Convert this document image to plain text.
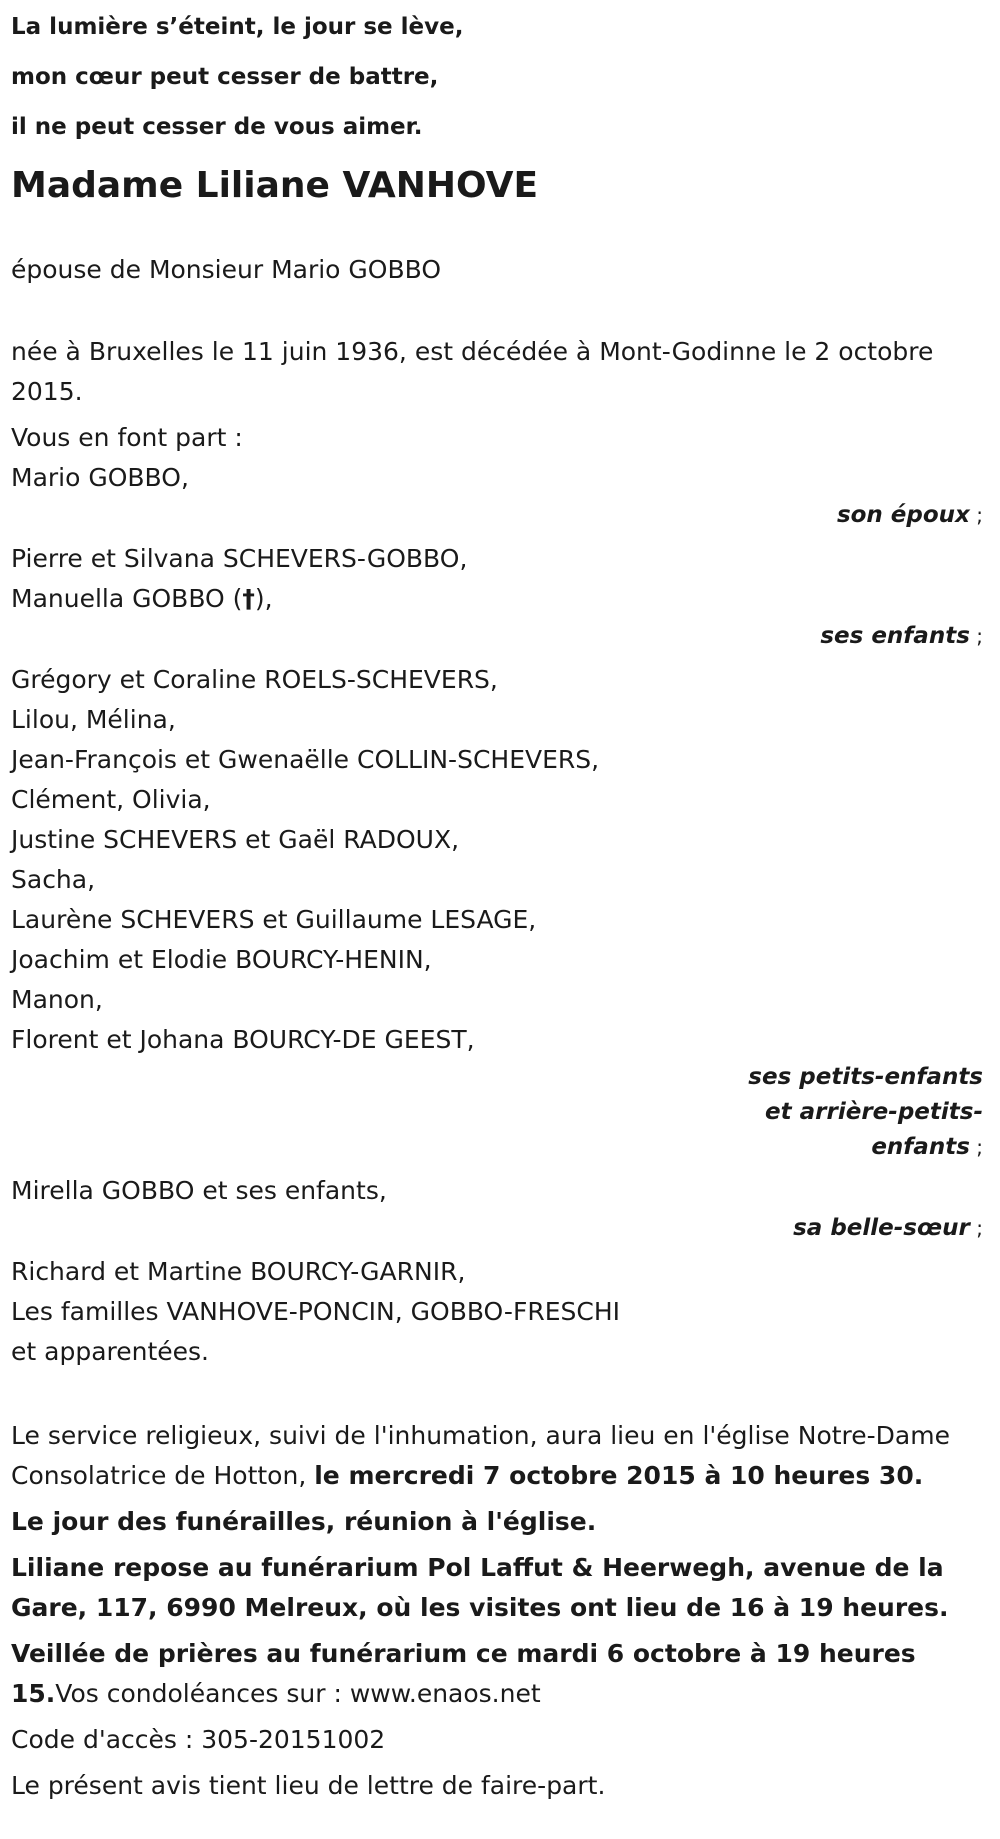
La lumière s’éteint, le jour se lève,
mon cœur peut cesser de battre,
il ne peut cesser de vous aimer.
Madame Liliane VANHOVE

épouse de Monsieur Mario GOBBO

née à Bruxelles le 11 juin 1936, est décédée à Mont-Godinne le 2 octobre 2015.

Vous en font part :

Mario GOBBO,

son époux ;

Pierre et Silvana SCHEVERS-GOBBO,

Manuella GOBBO (†),

ses enfants ;

Grégory et Coraline ROELS-SCHEVERS,

Lilou, Mélina,

Jean-François et Gwenaëlle COLLIN-SCHEVERS,

Clément, Olivia,

Justine SCHEVERS et Gaël RADOUX,

Sacha,

Laurène SCHEVERS et Guillaume LESAGE,

Joachim et Elodie BOURCY-HENIN,

Manon,

Florent et Johana BOURCY-DE GEEST,

ses petits-enfants
et arrière-petits-
enfants ;

Mirella GOBBO et ses enfants,

sa belle-sœur ;

Richard et Martine BOURCY-GARNIR,

Les familles VANHOVE-PONCIN, GOBBO-FRESCHI

et apparentées.

Le service religieux, suivi de l'inhumation, aura lieu en l'église Notre-Dame Consolatrice de Hotton, le mercredi 7 octobre 2015 à 10 heures 30.

Le jour des funérailles, réunion à l'église.

Liliane repose au funérarium Pol Laffut & Heerwegh, avenue de la Gare, 117, 6990 Melreux, où les visites ont lieu de 16 à 19 heures.

Veillée de prières au funérarium ce mardi 6 octobre à 19 heures 15.Vos condoléances sur : www.enaos.net

Code d'accès : 305-20151002

Le présent avis tient lieu de lettre de faire-part.
